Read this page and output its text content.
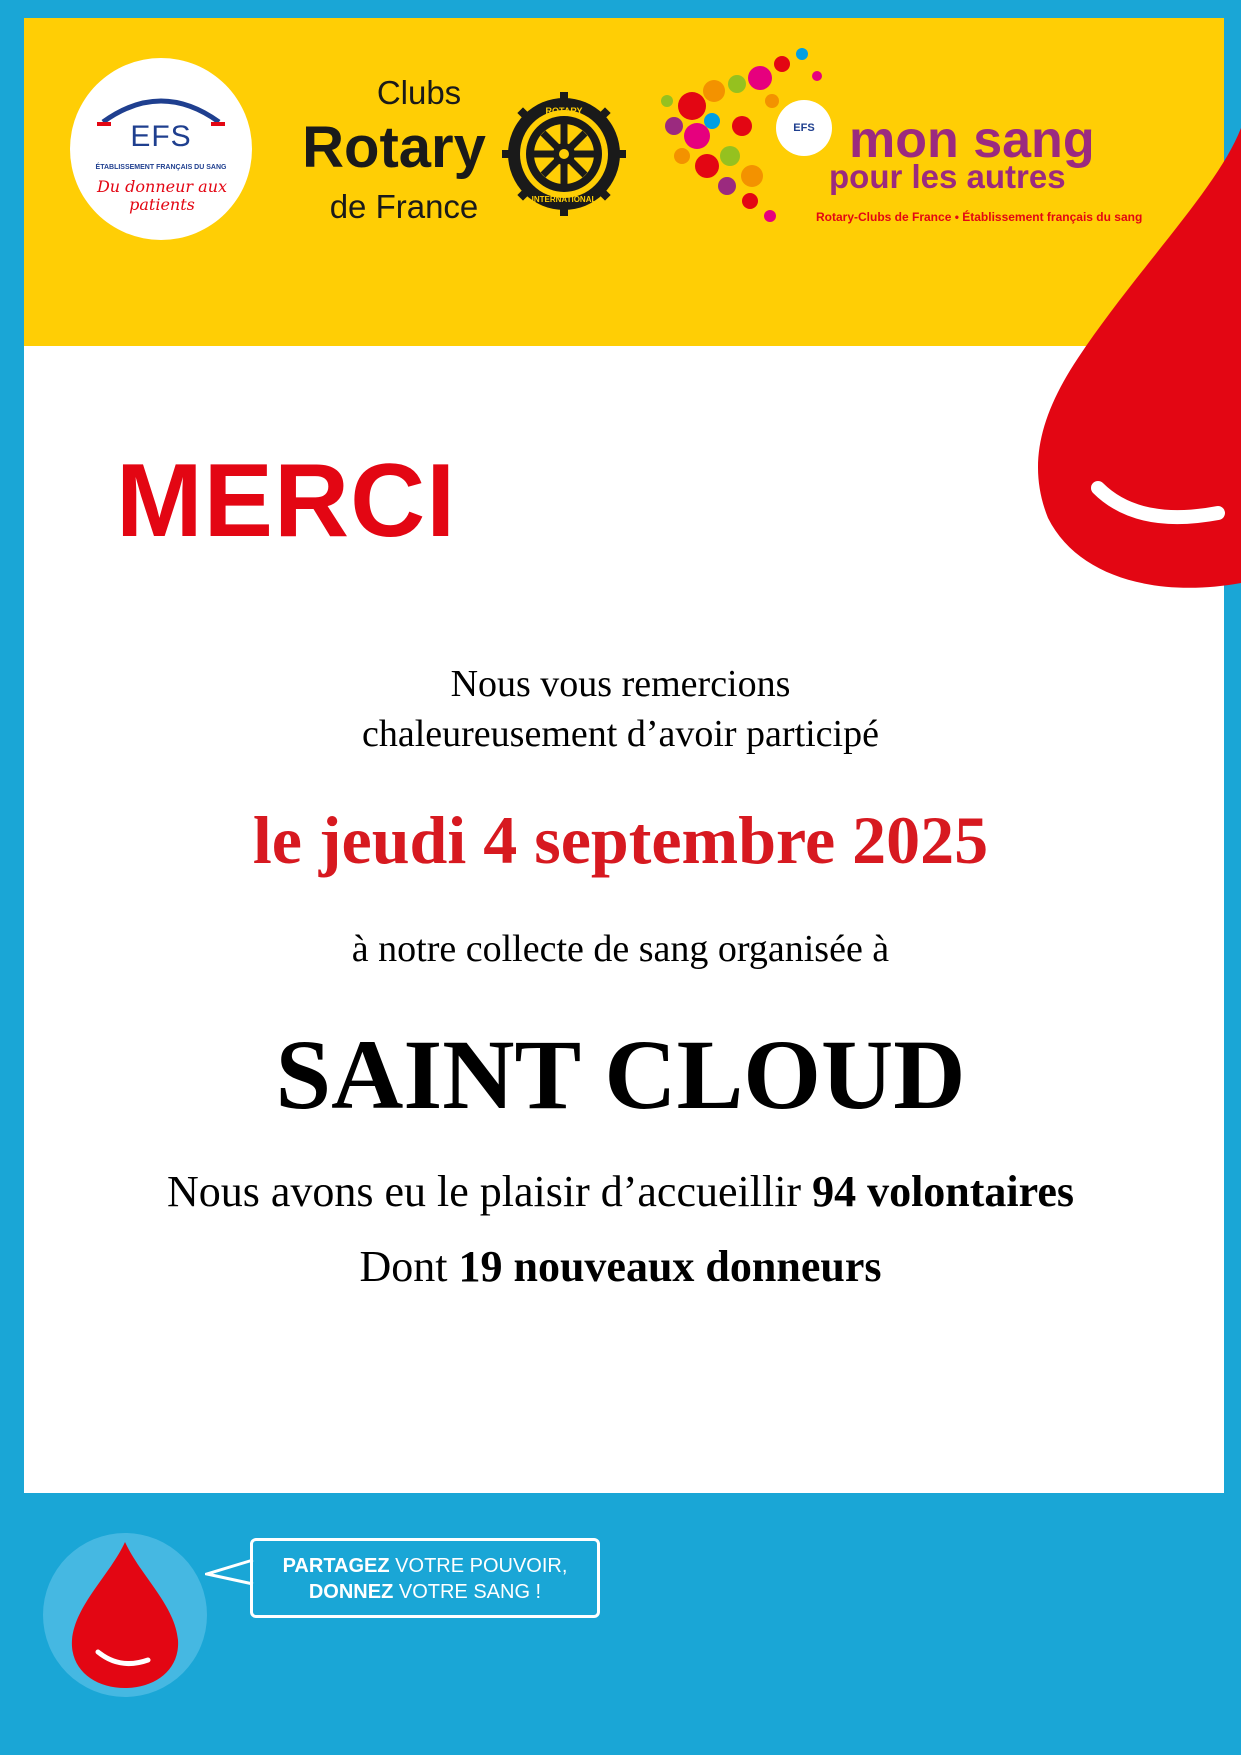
EFS
ÉTABLISSEMENT FRANÇAIS DU SANG
Du donneur aux patients
Clubs
Rotary
de France
ROTARY
INTERNATIONAL
EFS mon sang
pour les autres
Rotary-Clubs de France • Établissement français du sang
MERCI
Nous vous remercions
chaleureusement d’avoir participé
le jeudi 4 septembre 2025
à notre collecte de sang organisée à
SAINT CLOUD
Nous avons eu le plaisir d’accueillir 94 volontaires
Dont 19 nouveaux donneurs
PARTAGEZ VOTRE POUVOIR,
DONNEZ VOTRE SANG !
